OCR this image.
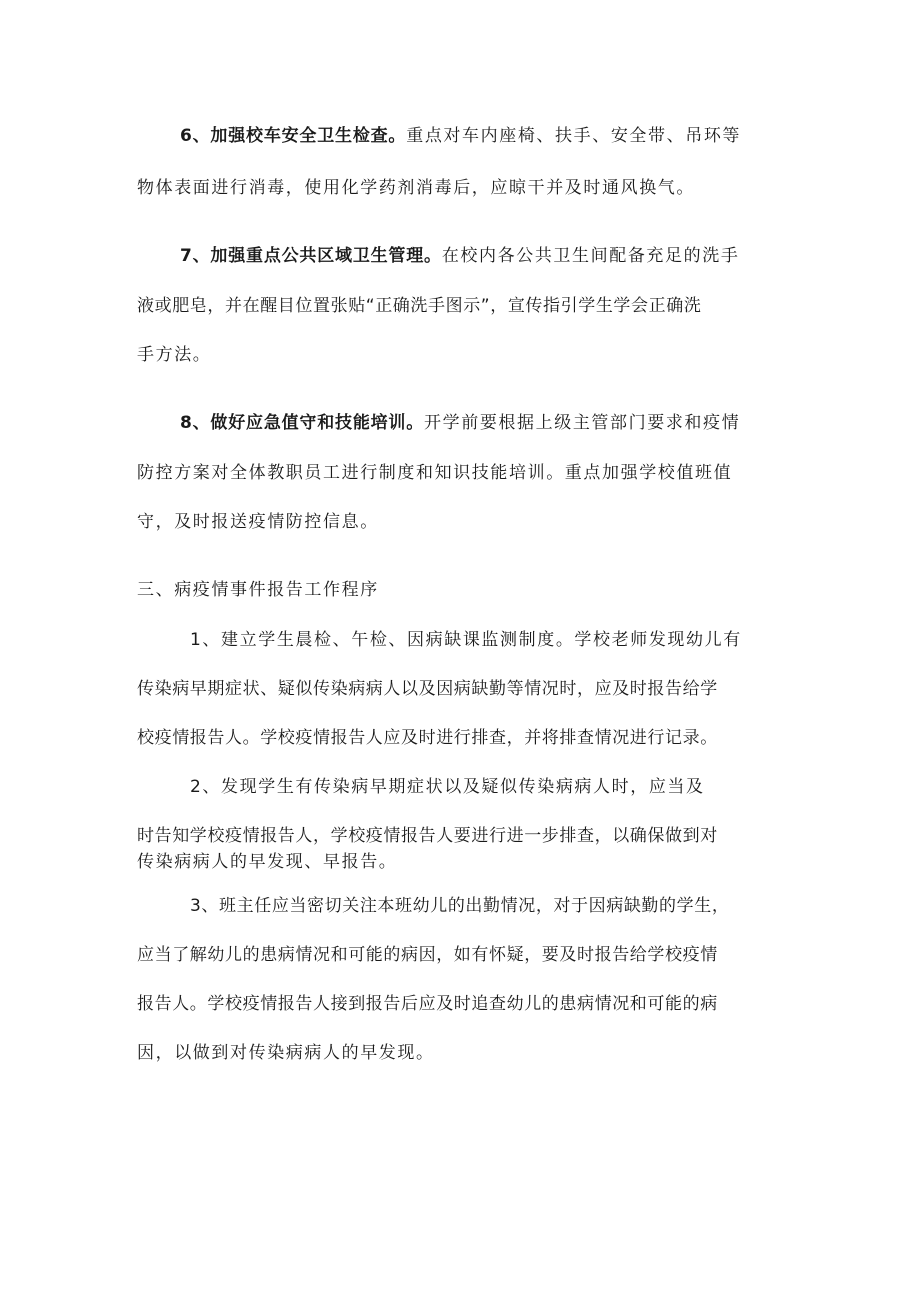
6、加强校车安全卫生检查。重点对车内座椅、扶手、安全带、吊环等
物体表面进行消毒，使用化学药剂消毒后，应晾干并及时通风换气。
7、加强重点公共区域卫生管理。在校内各公共卫生间配备充足的洗手
液或肥皂，并在醒目位置张贴“正确洗手图示”，宣传指引学生学会正确洗
手方法。
8、做好应急值守和技能培训。开学前要根据上级主管部门要求和疫情
防控方案对全体教职员工进行制度和知识技能培训。重点加强学校值班值
守，及时报送疫情防控信息。
三、病疫情事件报告工作程序
1、建立学生晨检、午检、因病缺课监测制度。学校老师发现幼儿有
传染病早期症状、疑似传染病病人以及因病缺勤等情况时，应及时报告给学
校疫情报告人。学校疫情报告人应及时进行排查，并将排查情况进行记录。
2、发现学生有传染病早期症状以及疑似传染病病人时，应当及
时告知学校疫情报告人，学校疫情报告人要进行进一步排查，以确保做到对
传染病病人的早发现、早报告。
3、班主任应当密切关注本班幼儿的出勤情况，对于因病缺勤的学生，
应当了解幼儿的患病情况和可能的病因，如有怀疑，要及时报告给学校疫情
报告人。学校疫情报告人接到报告后应及时追查幼儿的患病情况和可能的病
因，以做到对传染病病人的早发现。
